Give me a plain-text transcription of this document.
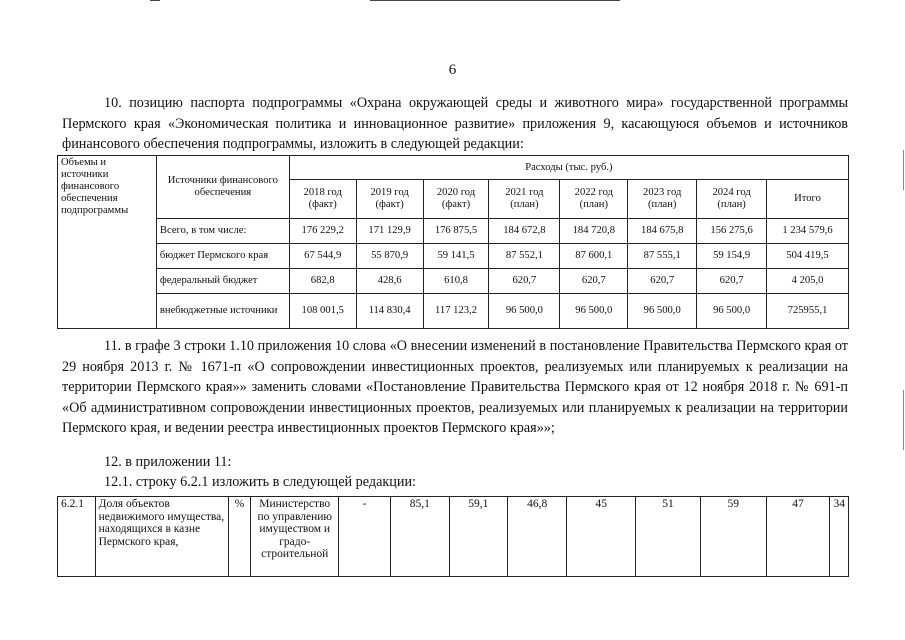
6
10. позицию паспорта подпрограммы «Охрана окружающей среды и животного мира» государственной программы Пермского края «Экономическая политика и инновационное развитие» приложения 9, касающуюся объемов и источников финансового обеспечения подпрограммы, изложить в следующей редакции:
Объемы и источники финансового обеспечения подпрограммы	Источники финансового обеспечения	Расходы (тыс. руб.)							
		2018 год (факт)	2019 год (факт)	2020 год (факт)	2021 год (план)	2022 год (план)	2023 год (план)	2024 год (план)	Итого
	Всего, в том числе:	176 229,2	171 129,9	176 875,5	184 672,8	184 720,8	184 675,8	156 275,6	1 234 579,6
	бюджет Пермского края	67 544,9	55 870,9	59 141,5	87 552,1	87 600,1	87 555,1	59 154,9	504 419,5
	федеральный бюджет	682,8	428,6	610,8	620,7	620,7	620,7	620,7	4 205,0
	внебюджетные источники	108 001,5	114 830,4	117 123,2	96 500,0	96 500,0	96 500,0	96 500,0	725955,1
11. в графе 3 строки 1.10 приложения 10 слова «О внесении изменений в постановление Правительства Пермского края от 29 ноября 2013 г. № 1671-п «О сопровождении инвестиционных проектов, реализуемых или планируемых к реализации на территории Пермского края»» заменить словами «Постановление Правительства Пермского края от 12 ноября 2018 г. № 691-п «Об административном сопровождении инвестиционных проектов, реализуемых или планируемых к реализации на территории Пермского края, и ведении реестра инвестиционных проектов Пермского края»»;
12. в приложении 11:
12.1. строку 6.2.1 изложить в следующей редакции:
6.2.1	Доля объектов недвижимого имущества, находящихся в казне Пермского края,	%	Министерство по управлению имуществом и градо-строительной	-	85,1	59,1	46,8	45	51	59	47	34
